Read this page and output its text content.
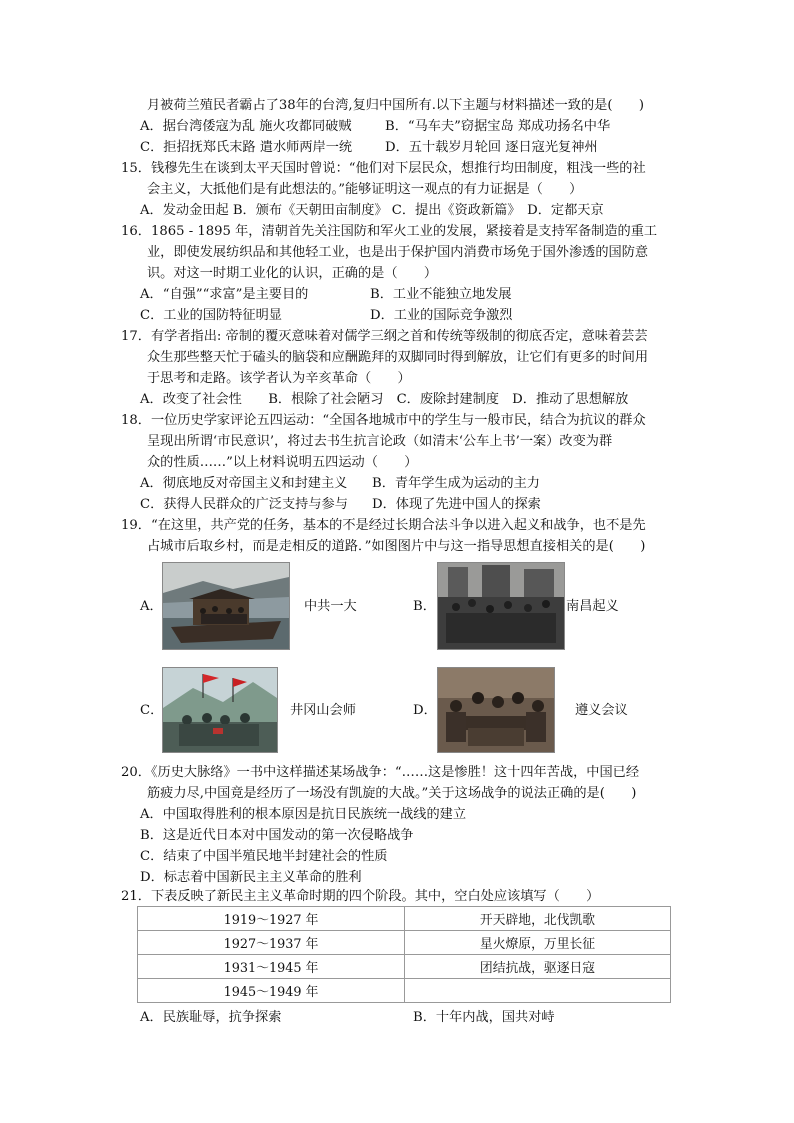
月被荷兰殖民者霸占了38年的台湾,复归中国所有.以下主题与材料描述一致的是(　　)
A．据台湾倭寇为乱 施火攻都同破贼	B．“马车夫”窃据宝岛 郑成功扬名中华
C．拒招抚郑氏末路 遣水师两岸一统 D．五十载岁月轮回 逐日寇光复神州
15．钱穆先生在谈到太平天国时曾说：“他们对下层民众，想推行均田制度，粗浅一些的社
会主义，大抵他们是有此想法的。”能够证明这一观点的有力证据是（　　）
A．发动金田起 B．颁布《天朝田亩制度》 C．提出《资政新篇》　D．定都天京
16．1865 - 1895 年，清朝首先关注国防和军火工业的发展，紧接着是支持军备制造的重工
业，即使发展纺织品和其他轻工业，也是出于保护国内消费市场免于国外渗透的国防意
识。对这一时期工业化的认识，正确的是（　　）
A．“自强”“求富”是主要目的	B．工业不能独立地发展
C．工业的国防特征明显	D．工业的国际竞争激烈
17．有学者指出: 帝制的覆灭意味着对儒学三纲之首和传统等级制的彻底否定，意味着芸芸
众生那些整天忙于磕头的脑袋和应酬跪拜的双脚同时得到解放，让它们有更多的时间用
于思考和走路。该学者认为辛亥革命（　　）
A．改变了社会性　　B．根除了社会陋习　C．废除封建制度　D．推动了思想解放
18．一位历史学家评论五四运动：“全国各地城市中的学生与一般市民，结合为抗议的群众
呈现出所谓‘市民意识’，将过去书生抗言论政（如清末‘公车上书’一案）改变为群
众的性质……”以上材料说明五四运动（　　）
A．彻底地反对帝国主义和封建主义 B．青年学生成为运动的主力
C．获得人民群众的广泛支持与参与 D．体现了先进中国人的探索
19．“在这里，共产党的任务，基本的不是经过长期合法斗争以进入起义和战争，也不是先
占城市后取乡村，而是走相反的道路．”如图图片中与这一指导思想直接相关的是(　　)
A．	中共一大	B．	南昌起义
C．	井冈山会师	D．	遵义会议
20．《历史大脉络》一书中这样描述某场战争：“……这是惨胜！这十四年苦战，中国已经
筋疲力尽,中国竟是经历了一场没有凯旋的大战。”关于这场战争的说法正确的是(　　)
A．中国取得胜利的根本原因是抗日民族统一战线的建立
B．这是近代日本对中国发动的第一次侵略战争
C．结束了中国半殖民地半封建社会的性质
D．标志着中国新民主主义革命的胜利
21．下表反映了新民主主义革命时期的四个阶段。其中，空白处应该填写（　　）
1919～1927 年	开天辟地，北伐凯歌
1927～1937 年	星火燎原，万里长征
1931～1945 年	团结抗战，驱逐日寇
1945～1949 年	
A．民族耻辱，抗争探索	B．十年内战，国共对峙
